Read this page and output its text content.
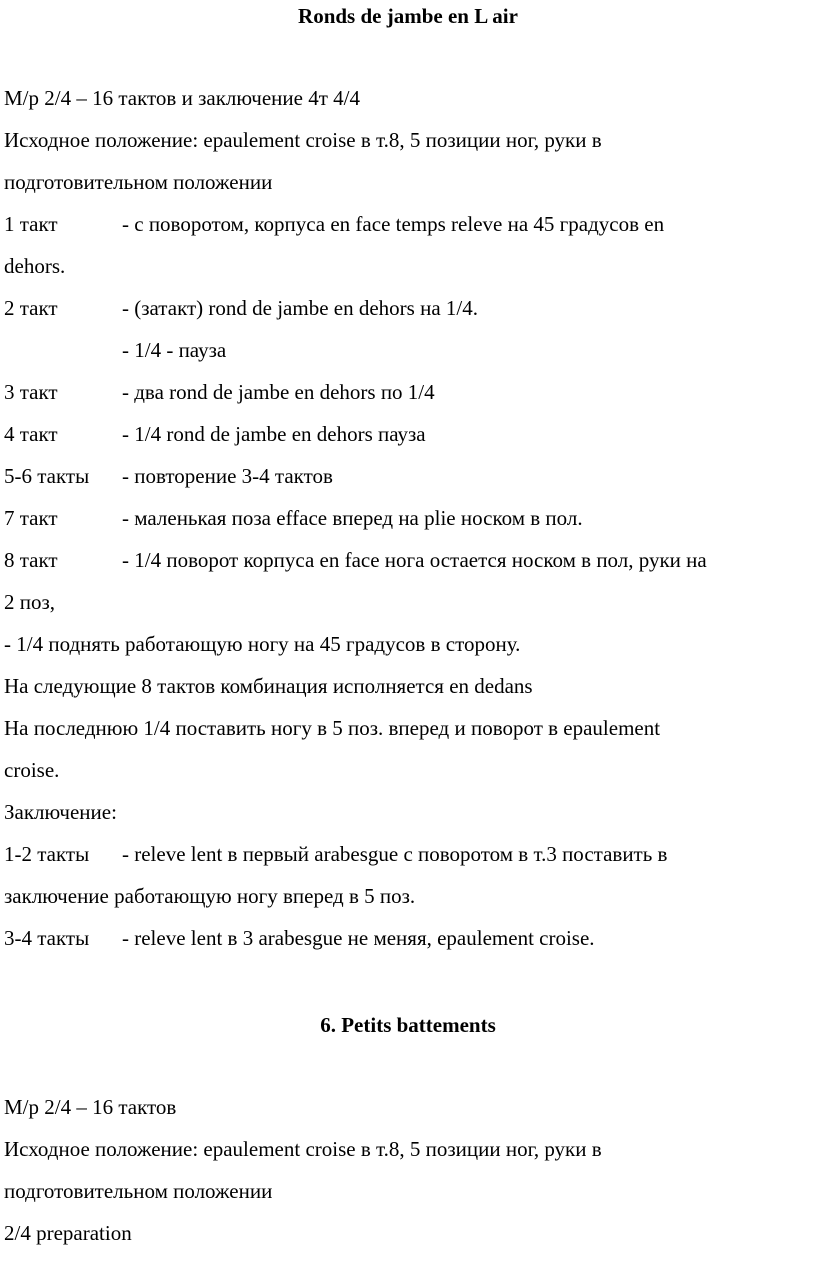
Ronds de jambe en L air
М/р 2/4 – 16 тактов и заключение 4т 4/4
Исходное положение: epaulement croise в т.8, 5 позиции ног, руки в
подготовительном положении
1 такт	- с поворотом, корпуса en face temps releve на 45 градусов en
dehors.
2 такт	- (затакт) rond de jambe en dehors на 1/4.
- 1/4 - пауза
3 такт	- два rond de jambe en dehors по 1/4
4 такт	- 1/4 rond de jambe en dehors пауза
5-6 такты - повторение 3-4 тактов
7 такт	- маленькая поза effaсe вперед на plie носком в пол.
8 такт	- 1/4 поворот корпуса en face нога остается носком в пол, руки на
2 поз,
- 1/4 поднять работающую ногу на 45 градусов в сторону.
На следующие 8 тактов комбинация исполняется en dedans
На последнюю 1/4 поставить ногу в 5 поз. вперед и поворот в epaulement
croise.
Заключение:
1-2 такты - releve lent в первый arabesgue с поворотом в т.3 поставить в
заключение работающую ногу вперед в 5 поз.
3-4 такты - releve lent в 3 arabesgue не меняя, epaulement croise.
6. Petits battements
М/р 2/4 – 16 тактов
Исходное положение: epaulement croise в т.8, 5 позиции ног, руки в
подготовительном положении
2/4 preparation
